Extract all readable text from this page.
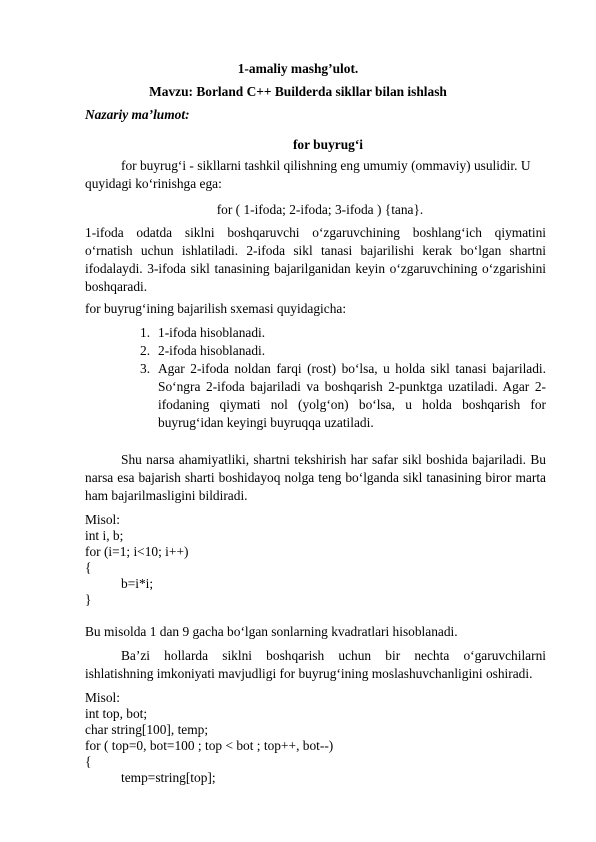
1-amaliy mashg’ulot.
Mavzu: Borland C++ Builderda sikllar bilan ishlash
Nazariy ma’lumot:
for buyrug‘i
for buyrug‘i - sikllarni tashkil qilishning eng umumiy (ommaviy) usulidir. U
quyidagi ko‘rinishga ega:
for ( 1-ifoda; 2-ifoda; 3-ifoda ) {tana}.
1-ifoda odatda siklni boshqaruvchi o‘zgaruvchining boshlang‘ich qiymatini
o‘rnatish uchun ishlatiladi. 2-ifoda sikl tanasi bajarilishi kerak bo‘lgan shartni
ifodalaydi. 3-ifoda sikl tanasining bajarilganidan keyin o‘zgaruvchining o‘zgarishini
boshqaradi.
for buyrug‘ining bajarilish sxemasi quyidagicha:
1. 1-ifoda hisoblanadi.
2. 2-ifoda hisoblanadi.
3. Agar 2-ifoda noldan farqi (rost) bo‘lsa, u holda sikl tanasi bajariladi.
So‘ngra 2-ifoda bajariladi va boshqarish 2-punktga uzatiladi. Agar 2-
ifodaning qiymati nol (yolg‘on) bo‘lsa, u holda boshqarish for
buyrug‘idan keyingi buyruqqa uzatiladi.
Shu narsa ahamiyatliki, shartni tekshirish har safar sikl boshida bajariladi. Bu
narsa esa bajarish sharti boshidayoq nolga teng bo‘lganda sikl tanasining biror marta
ham bajarilmasligini bildiradi.
Misol:
int i, b;
for (i=1; i<10; i++)
{
b=i*i;
}
Bu misolda 1 dan 9 gacha bo‘lgan sonlarning kvadratlari hisoblanadi.
Ba’zi hollarda siklni boshqarish uchun bir nechta o‘garuvchilarni
ishlatishning imkoniyati mavjudligi for buyrug‘ining moslashuvchanligini oshiradi.
Misol:
int top, bot;
char string[100], temp;
for ( top=0, bot=100 ; top < bot ; top++, bot--)
{
temp=string[top];
